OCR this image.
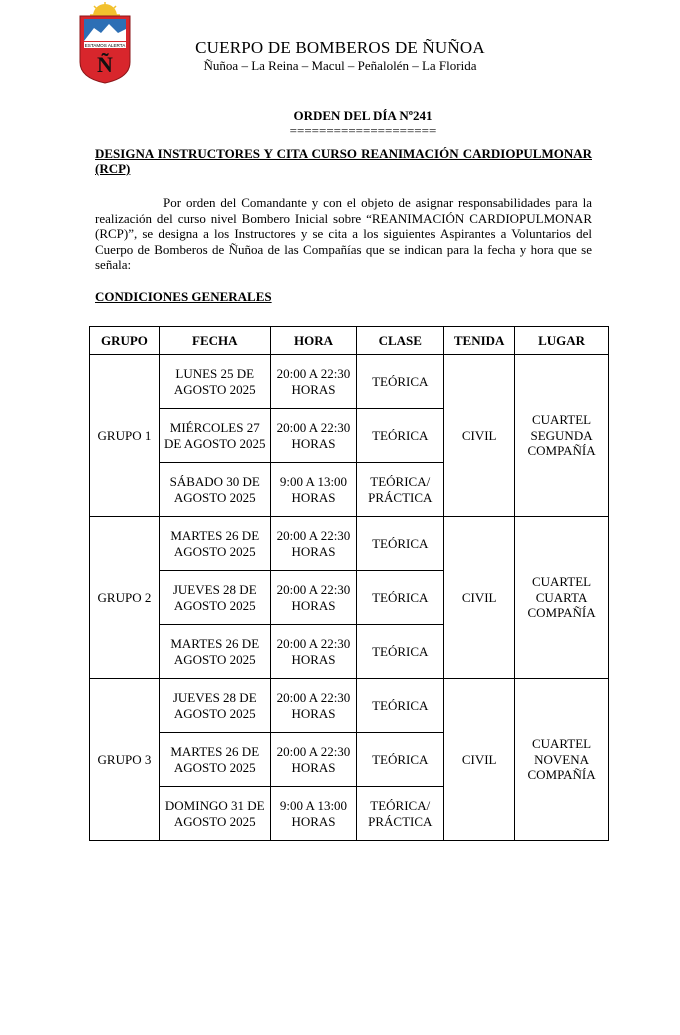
ESTAMOS ALERTA
Ñ
CUERPO DE BOMBEROS DE ÑUÑOA
Ñuñoa – La Reina – Macul – Peñalolén – La Florida
ORDEN DEL DÍA Nº241
====================
DESIGNA INSTRUCTORES Y CITA CURSO REANIMACIÓN CARDIOPULMONAR (RCP)
Por orden del Comandante y con el objeto de asignar responsabilidades para la realización del curso nivel Bombero Inicial sobre “REANIMACIÓN CARDIOPULMONAR (RCP)”, se designa a los Instructores y se cita a los siguientes Aspirantes a Voluntarios del Cuerpo de Bomberos de Ñuñoa de las Compañías que se indican para la fecha y hora que se señala:
CONDICIONES GENERALES
GRUPO	FECHA	HORA	CLASE	TENIDA	LUGAR
GRUPO 1	LUNES 25 DE AGOSTO 2025	20:00 A 22:30 HORAS	TEÓRICA	CIVIL	CUARTEL SEGUNDA COMPAÑÍA
	MIÉRCOLES 27 DE AGOSTO 2025	20:00 A 22:30 HORAS	TEÓRICA		
	SÁBADO 30 DE AGOSTO 2025	9:00 A 13:00 HORAS	TEÓRICA/ PRÁCTICA		
GRUPO 2	MARTES 26 DE AGOSTO 2025	20:00 A 22:30 HORAS	TEÓRICA	CIVIL	CUARTEL CUARTA COMPAÑÍA
	JUEVES 28 DE AGOSTO 2025	20:00 A 22:30 HORAS	TEÓRICA		
	MARTES 26 DE AGOSTO 2025	20:00 A 22:30 HORAS	TEÓRICA		
GRUPO 3	JUEVES 28 DE AGOSTO 2025	20:00 A 22:30 HORAS	TEÓRICA	CIVIL	CUARTEL NOVENA COMPAÑÍA
	MARTES 26 DE AGOSTO 2025	20:00 A 22:30 HORAS	TEÓRICA		
	DOMINGO 31 DE AGOSTO 2025	9:00 A 13:00 HORAS	TEÓRICA/ PRÁCTICA		
